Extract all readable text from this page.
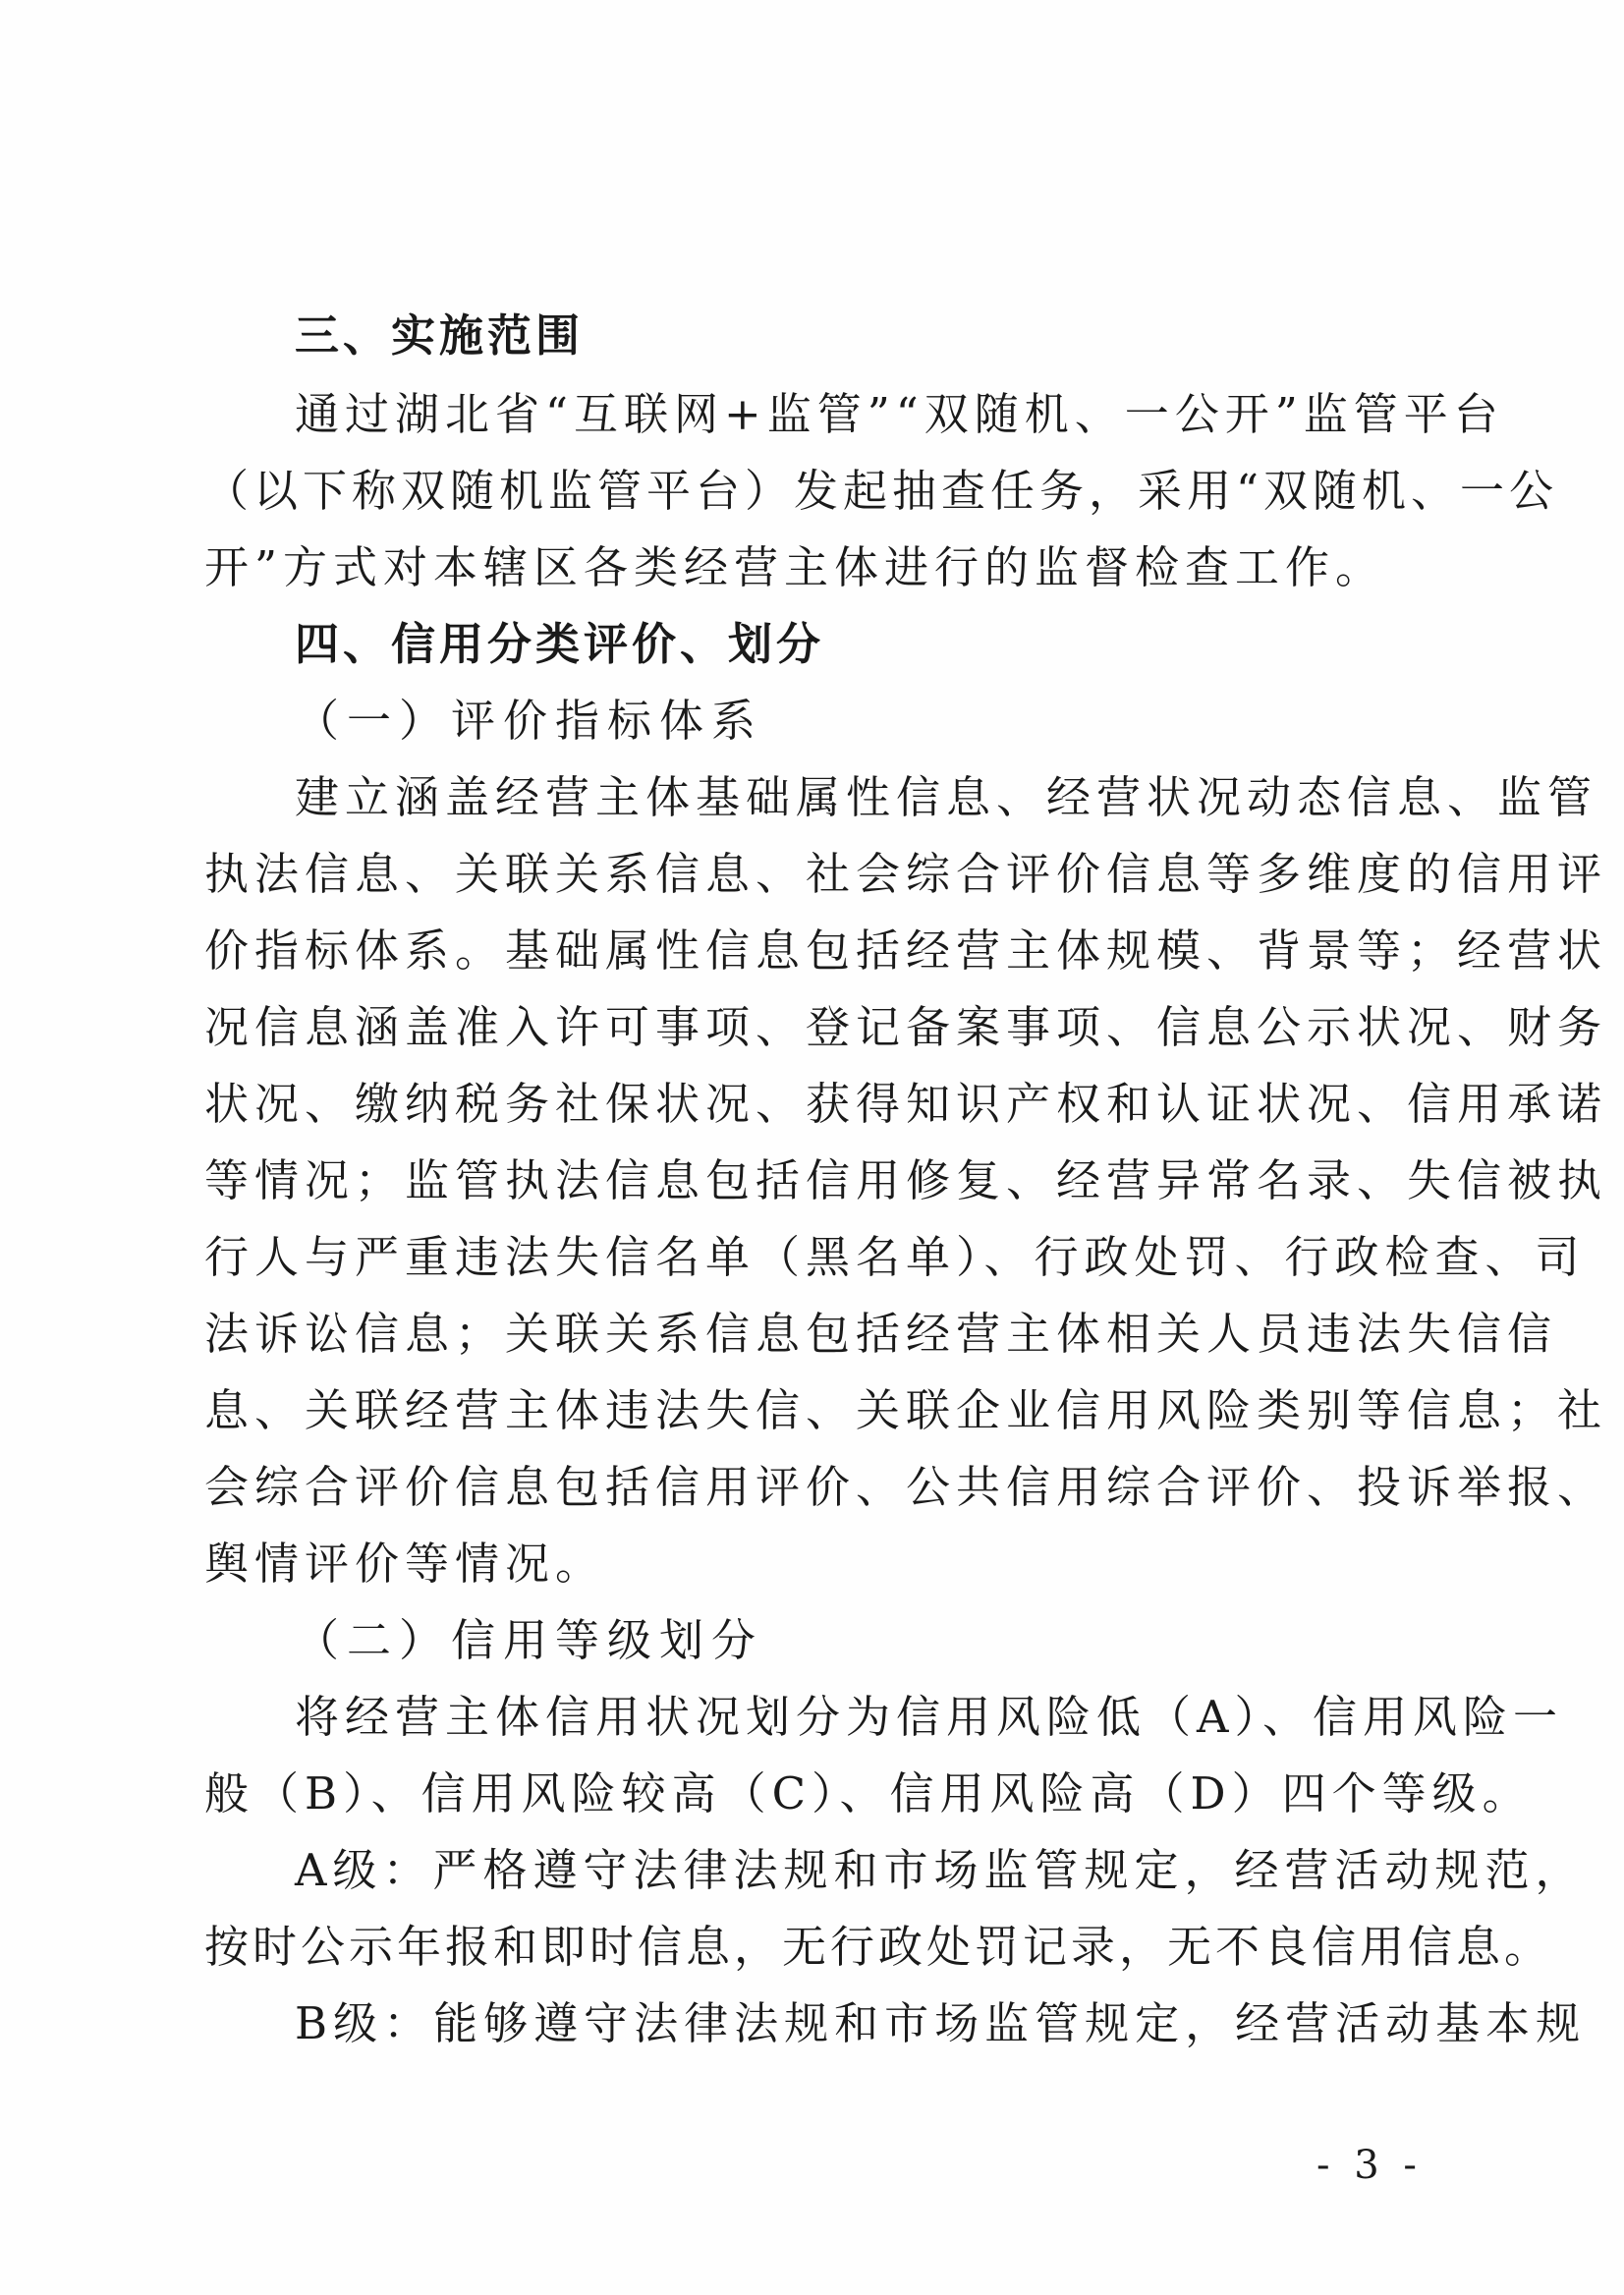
三、实施范围
通过湖北省“互联网+监管”“双随机、一公开”监管平台
（以下称双随机监管平台）发起抽查任务，采用“双随机、一公
开”方式对本辖区各类经营主体进行的监督检查工作。
四、信用分类评价、划分
（一）评价指标体系
建立涵盖经营主体基础属性信息、经营状况动态信息、监管
执法信息、关联关系信息、社会综合评价信息等多维度的信用评
价指标体系。基础属性信息包括经营主体规模、背景等；经营状
况信息涵盖准入许可事项、登记备案事项、信息公示状况、财务
状况、缴纳税务社保状况、获得知识产权和认证状况、信用承诺
等情况；监管执法信息包括信用修复、经营异常名录、失信被执
行人与严重违法失信名单（黑名单）、行政处罚、行政检查、司
法诉讼信息；关联关系信息包括经营主体相关人员违法失信信
息、关联经营主体违法失信、关联企业信用风险类别等信息；社
会综合评价信息包括信用评价、公共信用综合评价、投诉举报、
舆情评价等情况。
（二）信用等级划分
将经营主体信用状况划分为信用风险低（A）、信用风险一
般（B）、信用风险较高（C）、信用风险高（D）四个等级。
A级：严格遵守法律法规和市场监管规定，经营活动规范，
按时公示年报和即时信息，无行政处罚记录，无不良信用信息。
B级：能够遵守法律法规和市场监管规定，经营活动基本规
- 3 -
